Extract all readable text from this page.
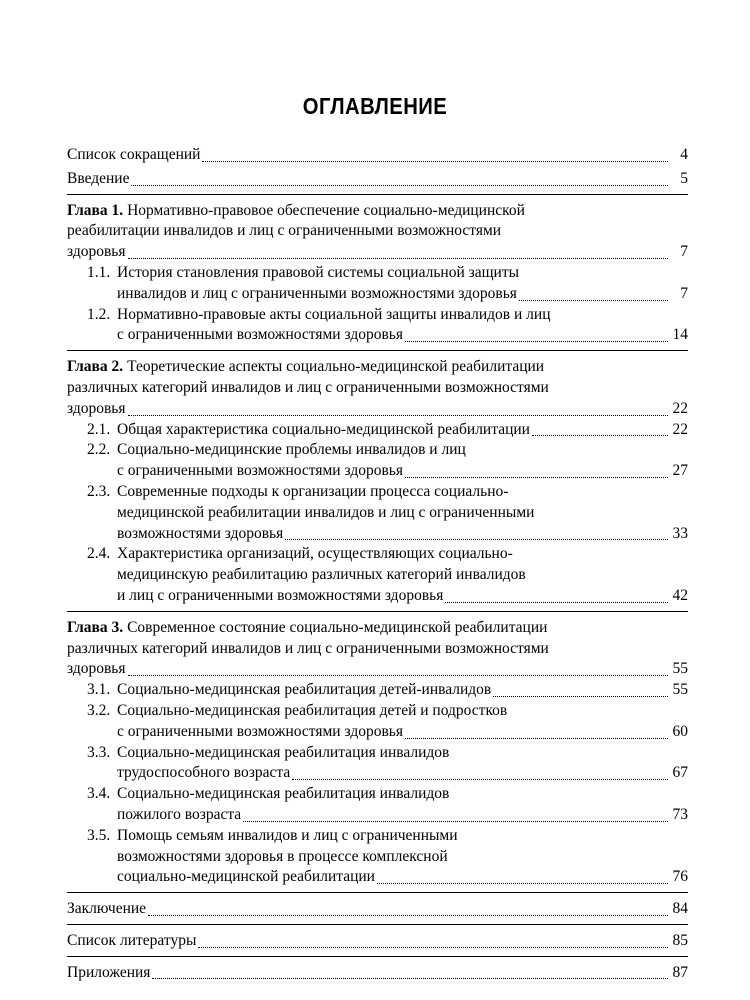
ОГЛАВЛЕНИЕ
Список сокращений	4
Введение	5
Глава 1. Нормативно-правовое обеспечение социально-медицинской
реабилитации инвалидов и лиц с ограниченными возможностями
здоровья	7
1.1. История становления правовой системы социальной защиты
инвалидов и лиц с ограниченными возможностями здоровья	7
1.2. Нормативно-правовые акты социальной защиты инвалидов и лиц
с ограниченными возможностями здоровья	14
Глава 2. Теоретические аспекты социально-медицинской реабилитации
различных категорий инвалидов и лиц с ограниченными возможностями
здоровья	22
2.1. Общая характеристика социально-медицинской реабилитации	22
2.2. Социально-медицинские проблемы инвалидов и лиц
с ограниченными возможностями здоровья	27
2.3. Современные подходы к организации процесса социально-
медицинской реабилитации инвалидов и лиц с ограниченными
возможностями здоровья	33
2.4. Характеристика организаций, осуществляющих социально-
медицинскую реабилитацию различных категорий инвалидов
и лиц с ограниченными возможностями здоровья	42
Глава 3. Современное состояние социально-медицинской реабилитации
различных категорий инвалидов и лиц с ограниченными возможностями
здоровья	55
3.1. Социально-медицинская реабилитация детей-инвалидов	55
3.2. Социально-медицинская реабилитация детей и подростков
с ограниченными возможностями здоровья	60
3.3. Социально-медицинская реабилитация инвалидов
трудоспособного возраста	67
3.4. Социально-медицинская реабилитация инвалидов
пожилого возраста	73
3.5. Помощь семьям инвалидов и лиц с ограниченными
возможностями здоровья в процессе комплексной
социально-медицинской реабилитации	76
Заключение	84
Список литературы	85
Приложения	87
